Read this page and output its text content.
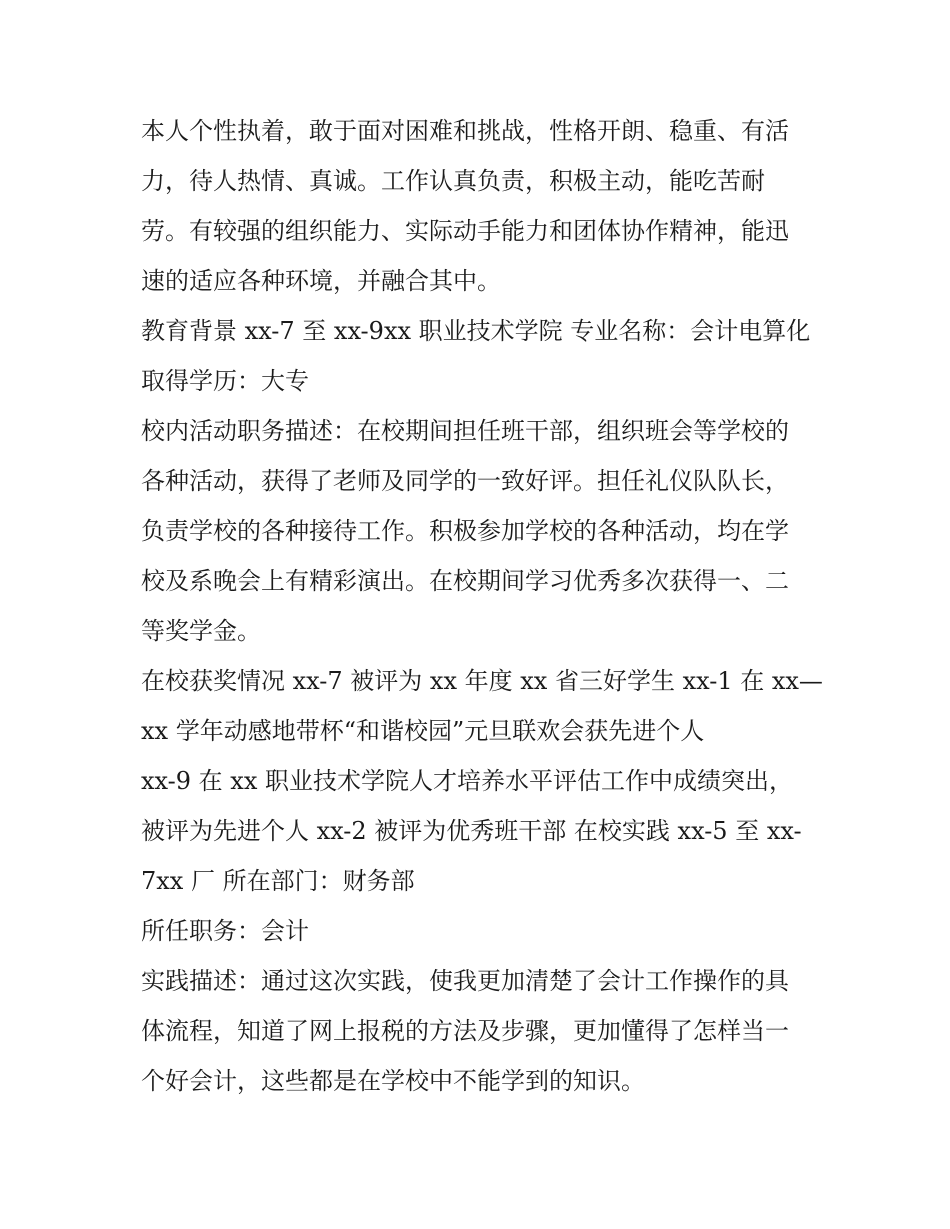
本人个性执着，敢于面对困难和挑战，性格开朗、稳重、有活
力，待人热情、真诚。工作认真负责，积极主动，能吃苦耐
劳。有较强的组织能力、实际动手能力和团体协作精神，能迅
速的适应各种环境，并融合其中。
教育背景 xx-7 至 xx-9xx 职业技术学院 专业名称：会计电算化
取得学历：大专
校内活动职务描述：在校期间担任班干部，组织班会等学校的
各种活动，获得了老师及同学的一致好评。担任礼仪队队长，
负责学校的各种接待工作。积极参加学校的各种活动，均在学
校及系晚会上有精彩演出。在校期间学习优秀多次获得一、二
等奖学金。
在校获奖情况 xx-7 被评为 xx 年度 xx 省三好学生 xx-1 在 xx—
xx 学年动感地带杯“和谐校园”元旦联欢会获先进个人
xx-9 在 xx 职业技术学院人才培养水平评估工作中成绩突出，
被评为先进个人 xx-2 被评为优秀班干部 在校实践 xx-5 至 xx-
7xx 厂 所在部门：财务部
所任职务：会计
实践描述：通过这次实践，使我更加清楚了会计工作操作的具
体流程，知道了网上报税的方法及步骤，更加懂得了怎样当一
个好会计，这些都是在学校中不能学到的知识。
